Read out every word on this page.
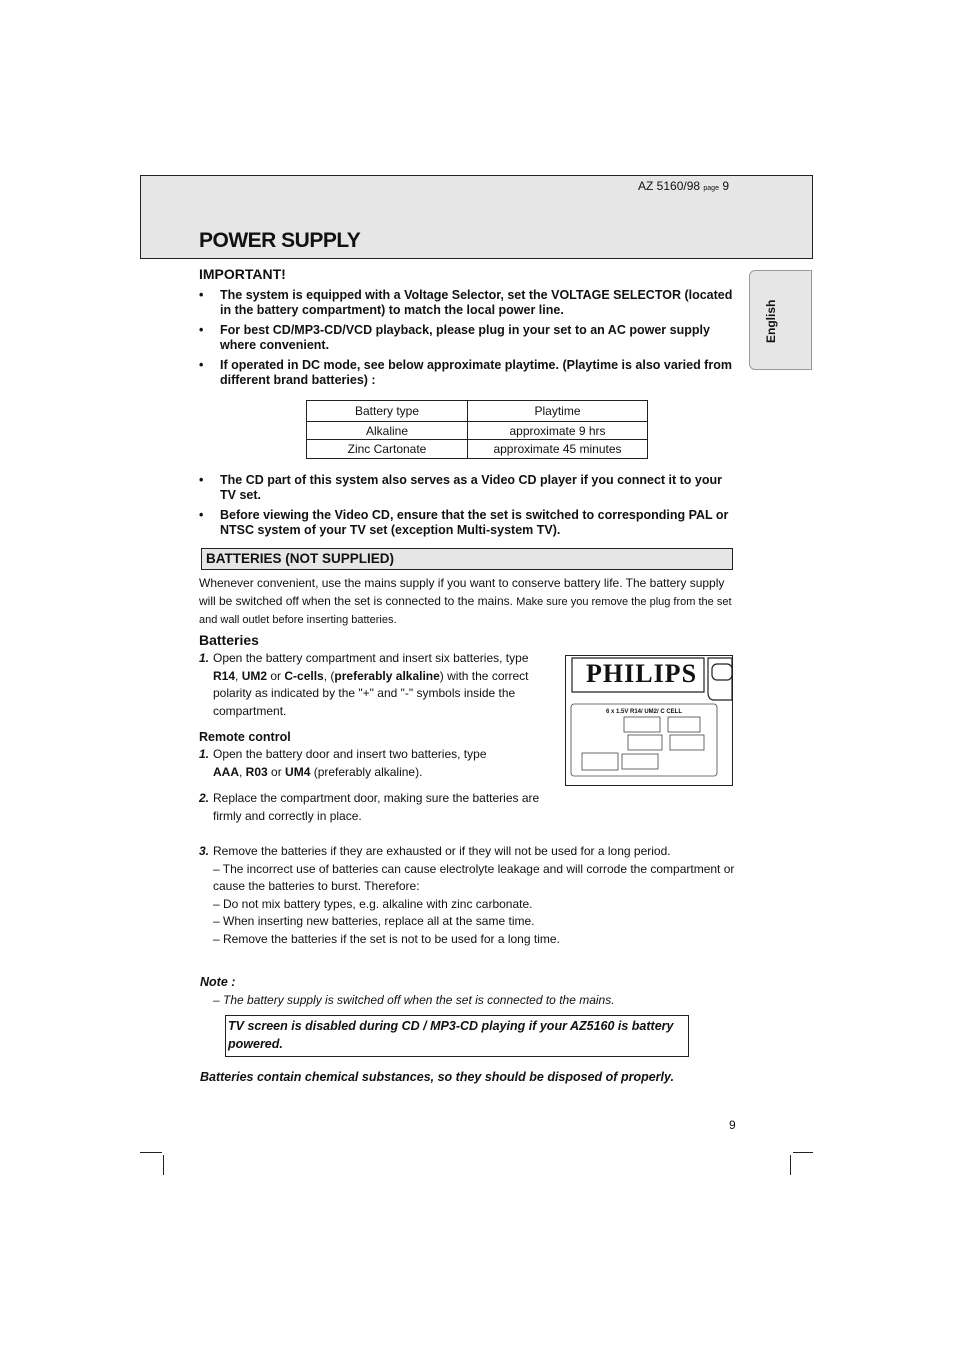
AZ 5160/98 page 9
POWER SUPPLY
English
IMPORTANT!
• The system is equipped with a Voltage Selector, set the VOLTAGE SELECTOR (located in the battery compartment) to match the local power line.
• For best CD/MP3-CD/VCD playback, please plug in your set to an AC power supply where convenient.
• If operated in DC mode, see below approximate playtime. (Playtime is also varied from different brand batteries) :
Battery type	Playtime
Alkaline	approximate 9 hrs
Zinc Cartonate	approximate 45 minutes
• The CD part of this system also serves as a Video CD player if you connect it to your TV set.
• Before viewing the Video CD, ensure that the set is switched to corresponding PAL or NTSC system of your TV set (exception Multi-system TV).
BATTERIES (NOT SUPPLIED)
Whenever convenient, use the mains supply if you want to conserve battery life. The battery supply will be switched off when the set is connected to the mains. Make sure you remove the plug from the set and wall outlet before inserting batteries.
Batteries
1. Open the battery compartment and insert six batteries, type R14, UM2 or C-cells, (preferably alkaline) with the correct polarity as indicated by the "+" and "-" symbols inside the compartment.
Remote control
1. Open the battery door and insert two batteries, type AAA, R03 or UM4 (preferably alkaline).
2. Replace the compartment door, making sure the batteries are firmly and correctly in place.
3. Remove the batteries if they are exhausted or if they will not be used for a long period.
– The incorrect use of batteries can cause electrolyte leakage and will corrode the compartment or cause the batteries to burst. Therefore:
– Do not mix battery types, e.g. alkaline with zinc carbonate.
– When inserting new batteries, replace all at the same time.
– Remove the batteries if the set is not to be used for a long time.
PHILIPS
6 x 1.5V R14/ UM2/ C CELL
Note :
– The battery supply is switched off when the set is connected to the mains.
TV screen is disabled during CD / MP3-CD playing if your AZ5160 is battery powered.
Batteries contain chemical substances, so they should be disposed of properly.
9
